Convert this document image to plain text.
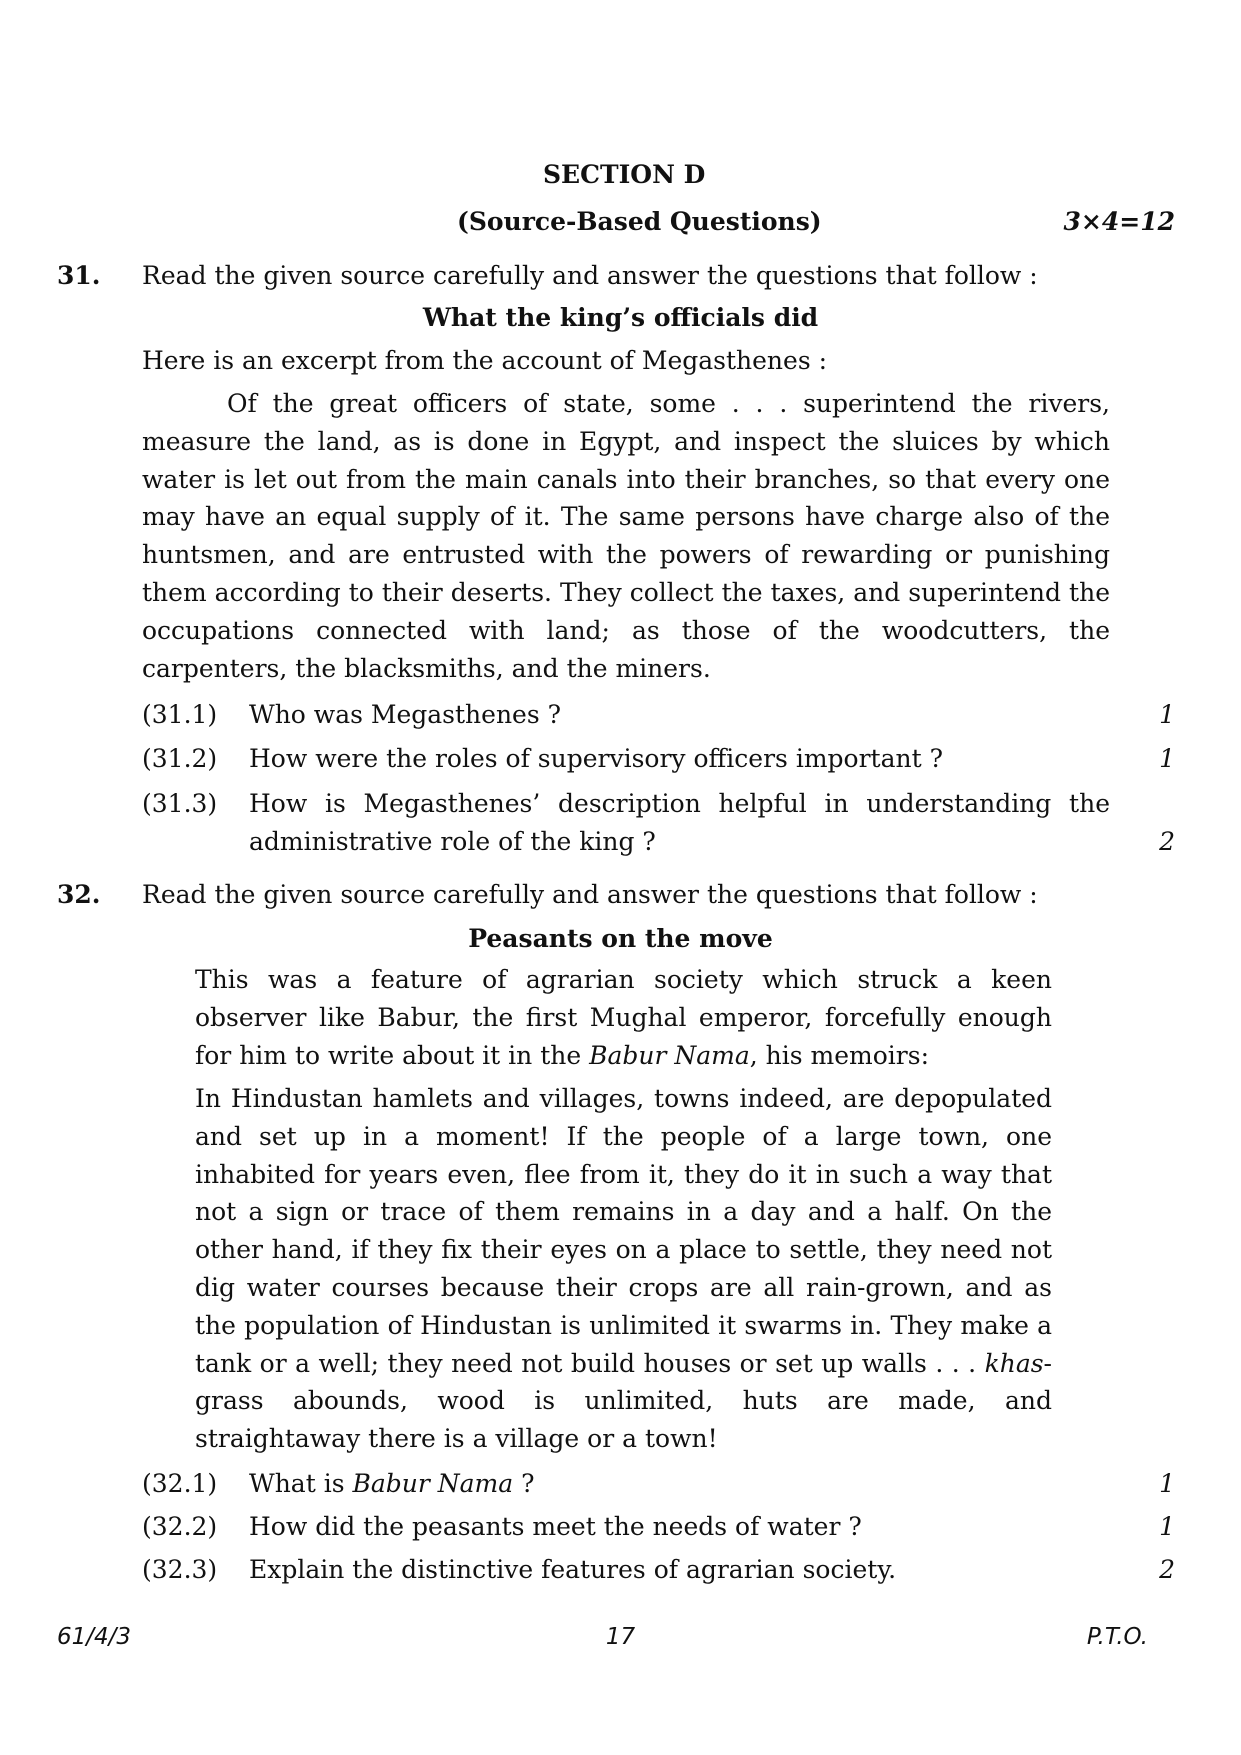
SECTION D
(Source-Based Questions)	3×4=12
31. Read the given source carefully and answer the questions that follow :
What the king’s officials did
Here is an excerpt from the account of Megasthenes :

Of the great officers of state, some . . . superintend the rivers, measure the land, as is done in Egypt, and inspect the sluices by which water is let out from the main canals into their branches, so that every one may have an equal supply of it. The same persons have charge also of the huntsmen, and are entrusted with the powers of rewarding or punishing them according to their deserts. They collect the taxes, and superintend the occupations connected with land; as those of the woodcutters, the carpenters, the blacksmiths, and the miners.

(31.1) Who was Megasthenes ?	1
(31.2) How were the roles of supervisory officers important ?	1
(31.3) How is Megasthenes’ description helpful in understanding the administrative role of the king ?	2
32. Read the given source carefully and answer the questions that follow :
Peasants on the move

This was a feature of agrarian society which struck a keen observer like Babur, the first Mughal emperor, forcefully enough for him to write about it in the Babur Nama, his memoirs:

In Hindustan hamlets and villages, towns indeed, are depopulated and set up in a moment! If the people of a large town, one inhabited for years even, flee from it, they do it in such a way that not a sign or trace of them remains in a day and a half. On the other hand, if they fix their eyes on a place to settle, they need not dig water courses because their crops are all rain-grown, and as the population of Hindustan is unlimited it swarms in. They make a tank or a well; they need not build houses or set up walls . . . khas-grass abounds, wood is unlimited, huts are made, and straightaway there is a village or a town!

(32.1) What is Babur Nama ?	1
(32.2) How did the peasants meet the needs of water ?	1
(32.3) Explain the distinctive features of agrarian society.	2
61/4/3	17	P.T.O.
